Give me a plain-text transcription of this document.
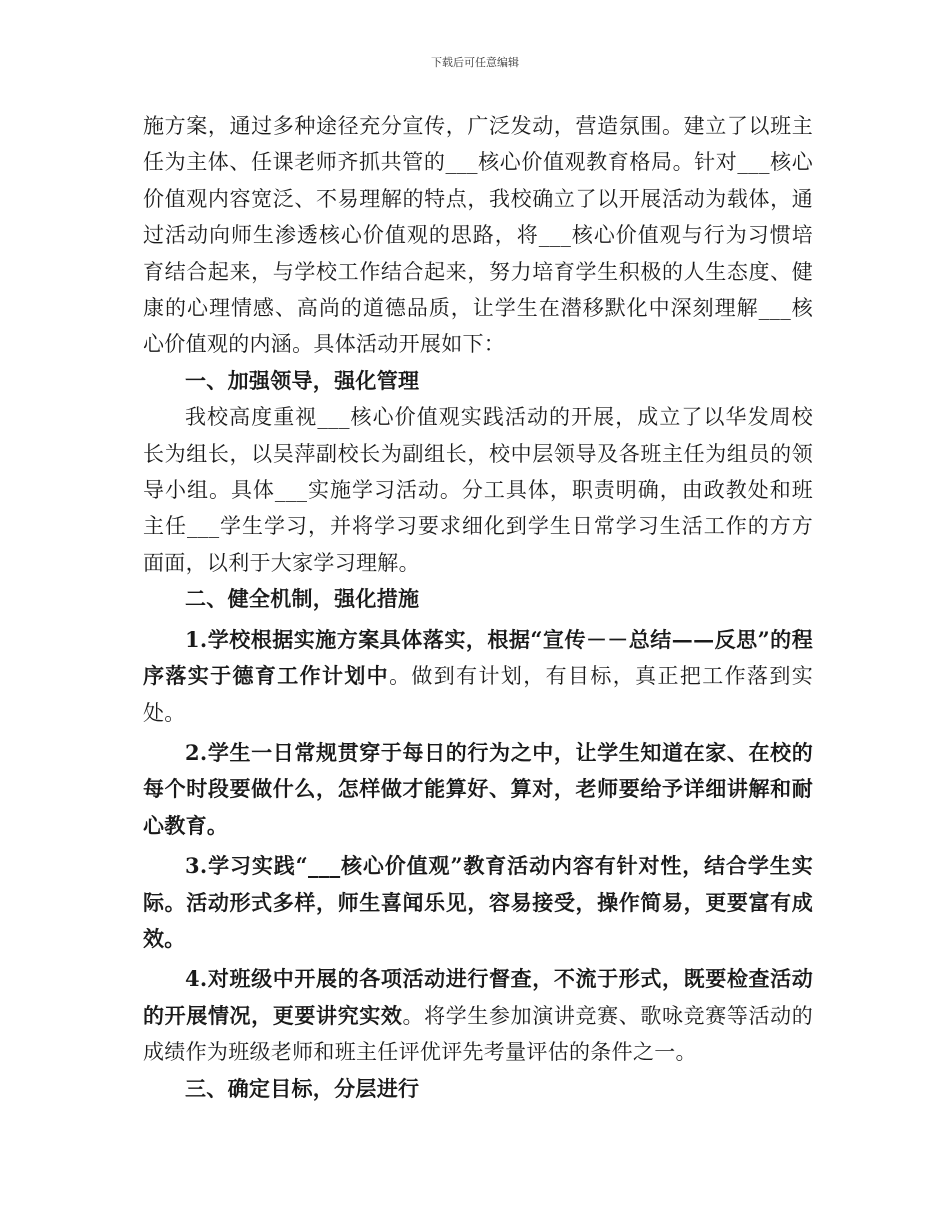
下载后可任意编辑

施方案，通过多种途径充分宣传，广泛发动，营造氛围。建立了以班主任为主体、任课老师齐抓共管的___核心价值观教育格局。针对___核心价值观内容宽泛、不易理解的特点，我校确立了以开展活动为载体，通过活动向师生渗透核心价值观的思路，将___核心价值观与行为习惯培育结合起来，与学校工作结合起来，努力培育学生积极的人生态度、健康的心理情感、高尚的道德品质，让学生在潜移默化中深刻理解___核心价值观的内涵。具体活动开展如下：

一、加强领导，强化管理

我校高度重视___核心价值观实践活动的开展，成立了以华发周校长为组长，以吴萍副校长为副组长，校中层领导及各班主任为组员的领导小组。具体___实施学习活动。分工具体，职责明确，由政教处和班主任___学生学习，并将学习要求细化到学生日常学习生活工作的方方面面，以利于大家学习理解。

二、健全机制，强化措施

1.学校根据实施方案具体落实，根据“宣传－－总结——反思”的程序落实于德育工作计划中。做到有计划，有目标，真正把工作落到实处。

2.学生一日常规贯穿于每日的行为之中，让学生知道在家、在校的每个时段要做什么，怎样做才能算好、算对，老师要给予详细讲解和耐心教育。

3.学习实践“___核心价值观”教育活动内容有针对性，结合学生实际。活动形式多样，师生喜闻乐见，容易接受，操作简易，更要富有成效。

4.对班级中开展的各项活动进行督查，不流于形式，既要检查活动的开展情况，更要讲究实效。将学生参加演讲竞赛、歌咏竞赛等活动的成绩作为班级老师和班主任评优评先考量评估的条件之一。

三、确定目标，分层进行
